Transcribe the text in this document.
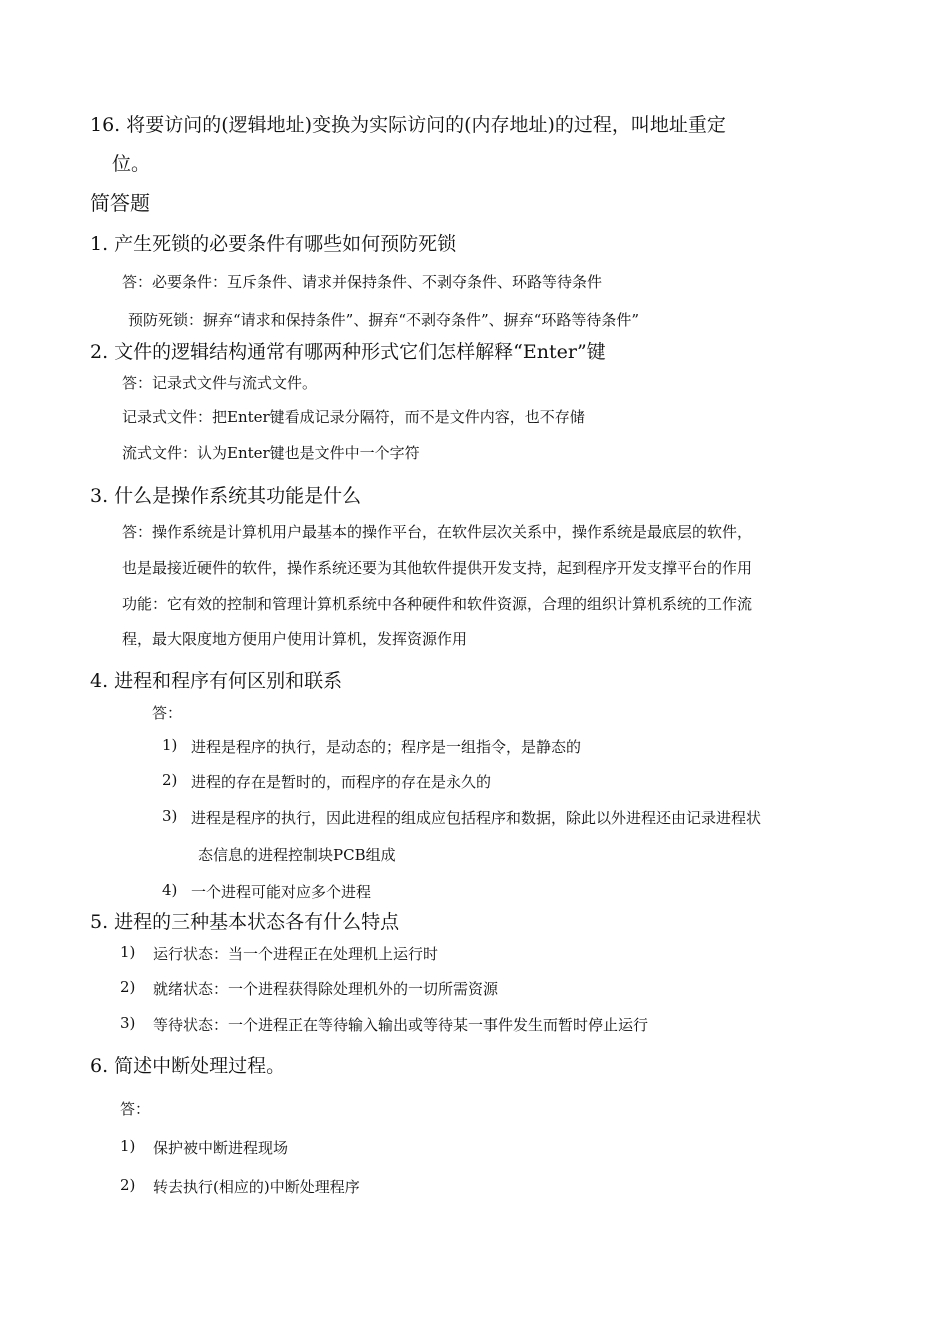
16. 将要访问的(逻辑地址)变换为实际访问的(内存地址)的过程，叫地址重定

位。

简答题

1. 产生死锁的必要条件有哪些如何预防死锁

答：必要条件：互斥条件、请求并保持条件、不剥夺条件、环路等待条件

预防死锁：摒弃“请求和保持条件”、摒弃“不剥夺条件”、摒弃“环路等待条件”

2. 文件的逻辑结构通常有哪两种形式它们怎样解释“Enter”键

答：记录式文件与流式文件。

记录式文件：把Enter键看成记录分隔符，而不是文件内容，也不存储

流式文件：认为Enter键也是文件中一个字符

3. 什么是操作系统其功能是什么

答：操作系统是计算机用户最基本的操作平台，在软件层次关系中，操作系统是最底层的软件，

也是最接近硬件的软件，操作系统还要为其他软件提供开发支持，起到程序开发支撑平台的作用

功能：它有效的控制和管理计算机系统中各种硬件和软件资源，合理的组织计算机系统的工作流

程，最大限度地方便用户使用计算机，发挥资源作用

4. 进程和程序有何区别和联系

答：

1) 进程是程序的执行，是动态的；程序是一组指令，是静态的

2) 进程的存在是暂时的，而程序的存在是永久的

3) 进程是程序的执行，因此进程的组成应包括程序和数据，除此以外进程还由记录进程状

态信息的进程控制块PCB组成

4) 一个进程可能对应多个进程

5. 进程的三种基本状态各有什么特点

1) 运行状态：当一个进程正在处理机上运行时

2) 就绪状态：一个进程获得除处理机外的一切所需资源

3) 等待状态：一个进程正在等待输入输出或等待某一事件发生而暂时停止运行

6. 简述中断处理过程。

答：

1) 保护被中断进程现场

2) 转去执行(相应的)中断处理程序
